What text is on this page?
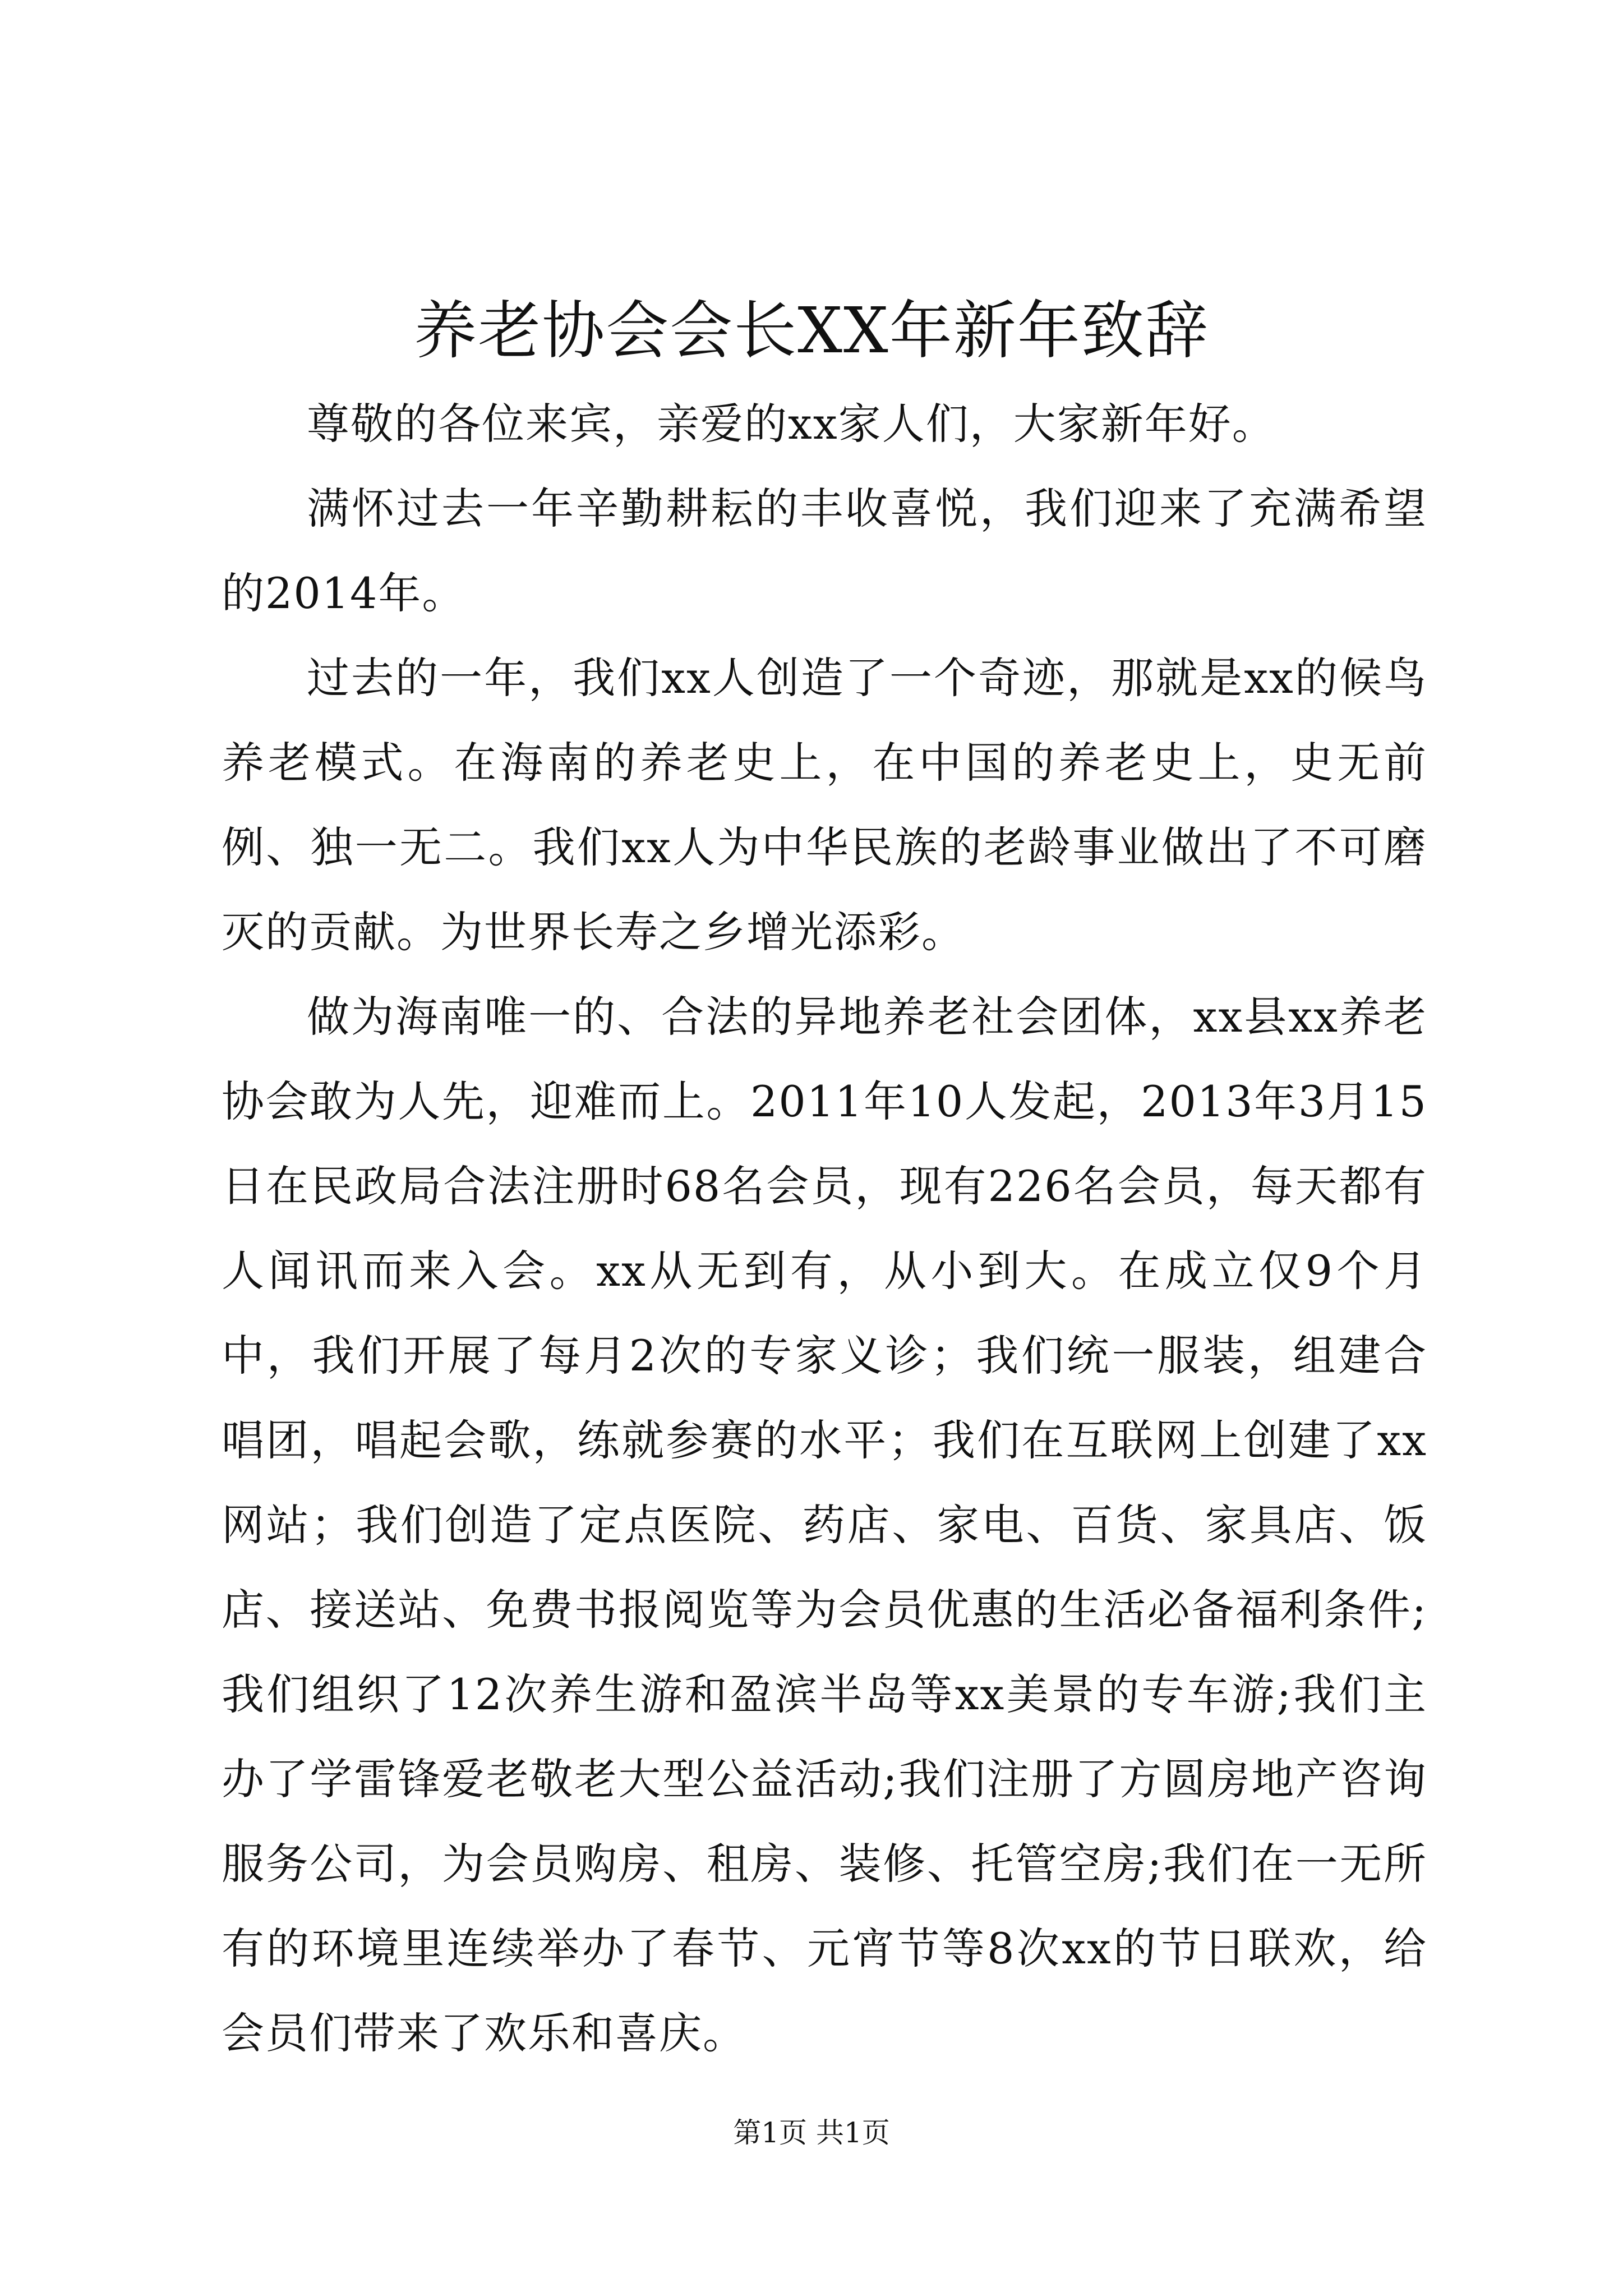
养老协会会长XX年新年致辞

尊敬的各位来宾，亲爱的xx家人们，大家新年好。

满怀过去一年辛勤耕耘的丰收喜悦，我们迎来了充满希望的2014年。

过去的一年，我们xx人创造了一个奇迹，那就是xx的候鸟养老模式。在海南的养老史上，在中国的养老史上，史无前例、独一无二。我们xx人为中华民族的老龄事业做出了不可磨灭的贡献。为世界长寿之乡增光添彩。

做为海南唯一的、合法的异地养老社会团体，xx县xx养老协会敢为人先，迎难而上。2011年10人发起，2013年3月15日在民政局合法注册时68名会员，现有226名会员，每天都有人闻讯而来入会。xx从无到有，从小到大。在成立仅9个月中，我们开展了每月2次的专家义诊；我们统一服装，组建合唱团，唱起会歌，练就参赛的水平；我们在互联网上创建了xx网站；我们创造了定点医院、药店、家电、百货、家具店、饭店、接送站、免费书报阅览等为会员优惠的生活必备福利条件;我们组织了12次养生游和盈滨半岛等xx美景的专车游;我们主办了学雷锋爱老敬老大型公益活动;我们注册了方圆房地产咨询服务公司，为会员购房、租房、装修、托管空房;我们在一无所有的环境里连续举办了春节、元宵节等8次xx的节日联欢，给会员们带来了欢乐和喜庆。

第1页 共1页
